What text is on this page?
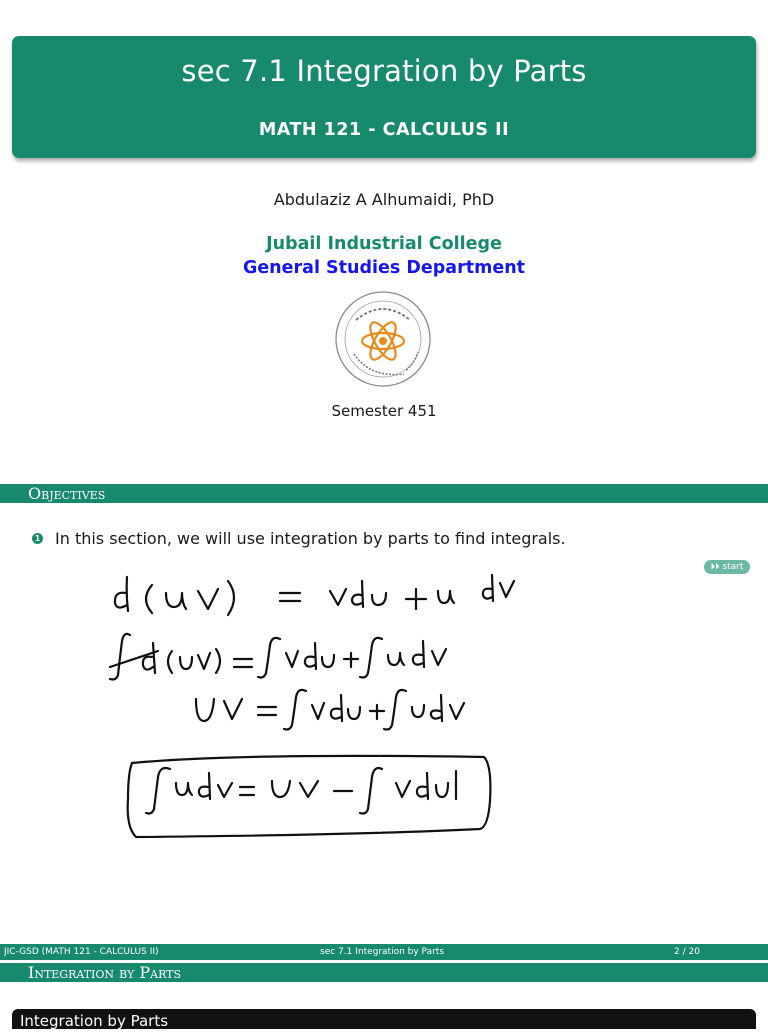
sec 7.1 Integration by Parts
MATH 121 - CALCULUS II
Abdulaziz A Alhumaidi, PhD
Jubail Industrial College
General Studies Department
Semester 451
Objectives
1 In this section, we will use integration by parts to find integrals.
⏵⏵ start
JIC-GSD (MATH 121 - CALCULUS II)	sec 7.1 Integration by Parts	2 / 20
Integration by Parts
Integration by Parts
